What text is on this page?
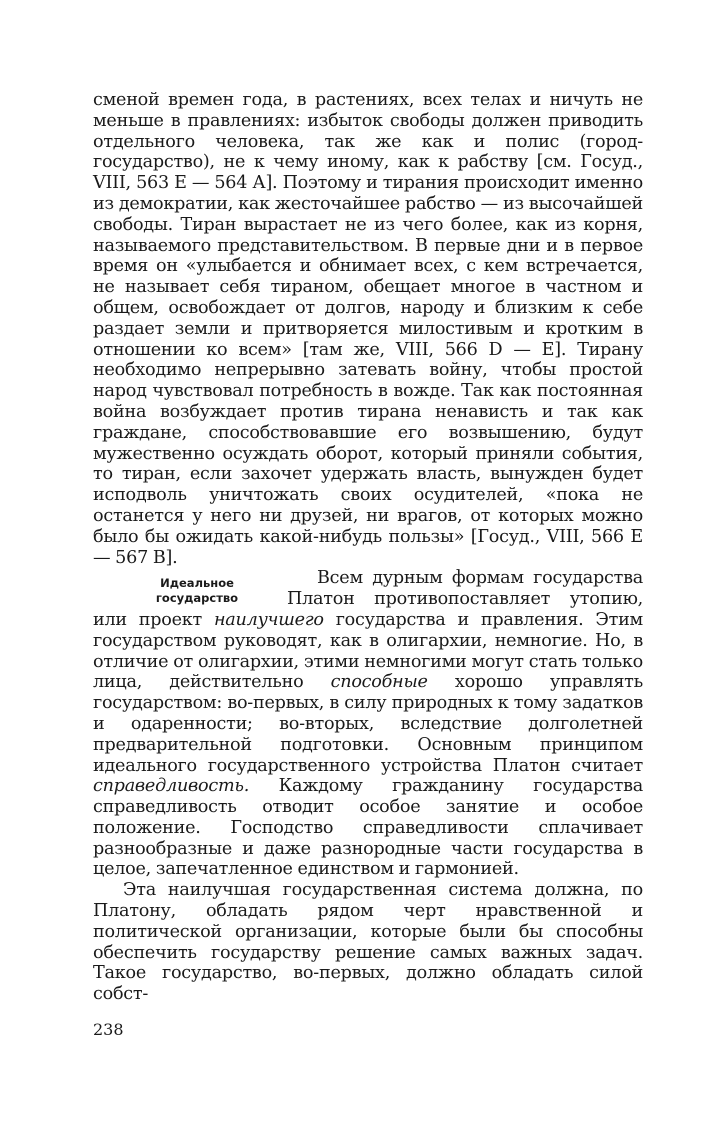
сменой времен года, в растениях, всех телах и ничуть не меньше в правлениях: избыток свободы должен приводить отдельного человека, так же как и полис (город-государство), не к чему иному, как к рабству [см. Госуд., VIII, 563 Е — 564 А]. Поэтому и тирания происходит именно из демократии, как жесточайшее рабство — из высочайшей свободы. Тиран вырастает не из чего более, как из корня, называемого представительством. В первые дни и в первое время он «улыбается и обнимает всех, с кем встречается, не называет себя тираном, обещает многое в частном и общем, освобождает от долгов, народу и близким к себе раздает земли и притворяется милостивым и кротким в отношении ко всем» [там же, VIII, 566 D — Е]. Тирану необходимо непрерывно затевать войну, чтобы простой народ чувствовал потребность в вожде. Так как постоянная война возбуждает против тирана ненависть и так как граждане, способствовавшие его возвышению, будут мужественно осуждать оборот, который приняли события, то тиран, если захочет удержать власть, вынужден будет исподволь уничтожать своих осудителей, «пока не останется у него ни друзей, ни врагов, от которых можно было бы ожидать какой-нибудь пользы» [Госуд., VIII, 566 Е — 567 В].

Идеальное
государство
Всем дурным формам государства Платон противопоставляет утопию, или проект наилучшего государства и правления. Этим государством руководят, как в олигархии, немногие. Но, в отличие от олигархии, этими немногими могут стать только лица, действительно способные хорошо управлять государством: во-первых, в силу природных к тому задатков и одаренности; во-вторых, вследствие долголетней предварительной подготовки. Основным принципом идеального государственного устройства Платон считает справедливость. Каждому гражданину государства справедливость отводит особое занятие и особое положение. Господство справедливости сплачивает разнообразные и даже разнородные части государства в целое, запечатленное единством и гармонией.

Эта наилучшая государственная система должна, по Платону, обладать рядом черт нравственной и политической организации, которые были бы способны обеспечить государству решение самых важных задач. Такое государство, во-первых, должно обладать силой собст-

238
